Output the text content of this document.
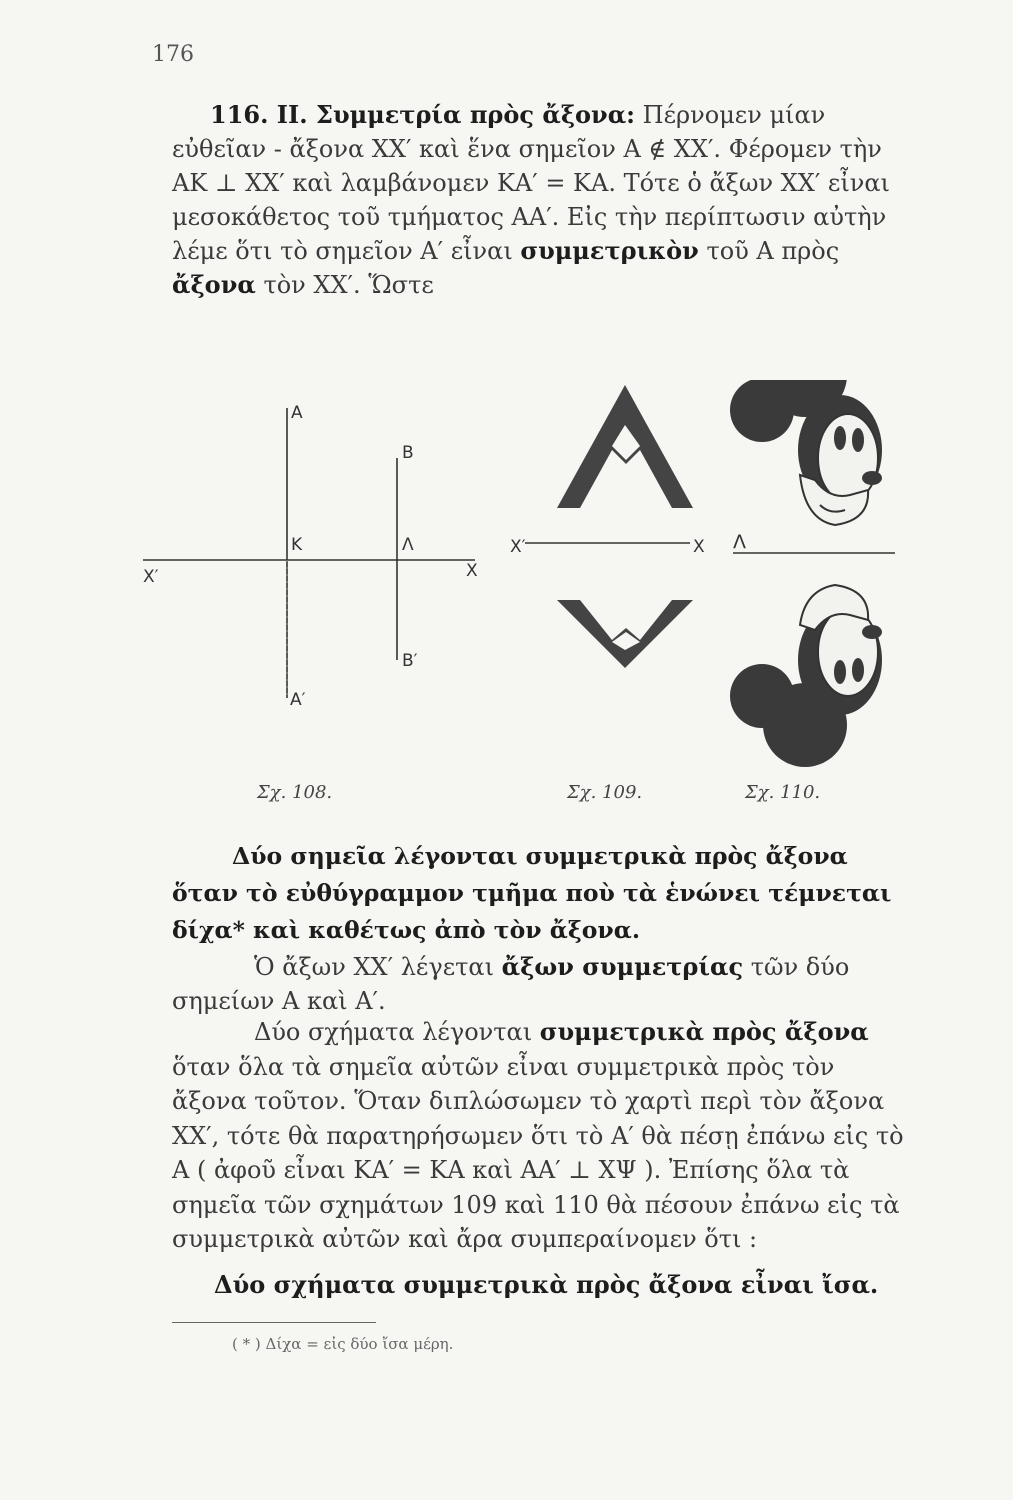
176
116. ΙΙ. Συμμετρία πρὸς ἄξονα: Πέρνομεν μίαν εὐθεῖαν - ἄξονα ΧΧ′ καὶ ἕνα σημεῖον Α ∉ ΧΧ′. Φέρομεν τὴν ΑΚ ⊥ ΧΧ′ καὶ λαμβάνομεν ΚΑ′ = ΚΑ. Τότε ὁ ἄξων ΧΧ′ εἶναι μεσοκάθετος τοῦ τμήματος ΑΑ′. Εἰς τὴν περίπτωσιν αὐτὴν λέμε ὅτι τὸ σημεῖον Α′ εἶναι συμμετρικὸν τοῦ Α πρὸς ἄξονα τὸν ΧΧ′. Ὥστε
A
B
K	Λ
X′	X
B′
A′
X′	X Λ
Σχ. 108.	Σχ. 109.	Σχ. 110.
Δύο σημεῖα λέγονται συμμετρικὰ πρὸς ἄξονα ὅταν τὸ εὐθύγραμμον τμῆμα ποὺ τὰ ἑνώνει τέμνεται δίχα* καὶ καθέτως ἀπὸ τὸν ἄξονα.
Ὁ ἄξων ΧΧ′ λέγεται ἄξων συμμετρίας τῶν δύο σημείων Α καὶ Α′.
Δύο σχήματα λέγονται συμμετρικὰ πρὸς ἄξονα ὅταν ὅλα τὰ σημεῖα αὐτῶν εἶναι συμμετρικὰ πρὸς τὸν ἄξονα τοῦτον. Ὅταν διπλώσωμεν τὸ χαρτὶ περὶ τὸν ἄξονα ΧΧ′, τότε θὰ παρατηρήσωμεν ὅτι τὸ Α′ θὰ πέσῃ ἐπάνω εἰς τὸ Α ( ἀφοῦ εἶναι ΚΑ′ = ΚΑ καὶ ΑΑ′ ⊥ ΧΨ ). Ἐπίσης ὅλα τὰ σημεῖα τῶν σχημάτων 109 καὶ 110 θὰ πέσουν ἐπάνω εἰς τὰ συμμετρικὰ αὐτῶν καὶ ἄρα συμπεραίνομεν ὅτι :
Δύο σχήματα συμμετρικὰ πρὸς ἄξονα εἶναι ἴσα.
( * ) Δίχα = εἰς δύο ἴσα μέρη.
